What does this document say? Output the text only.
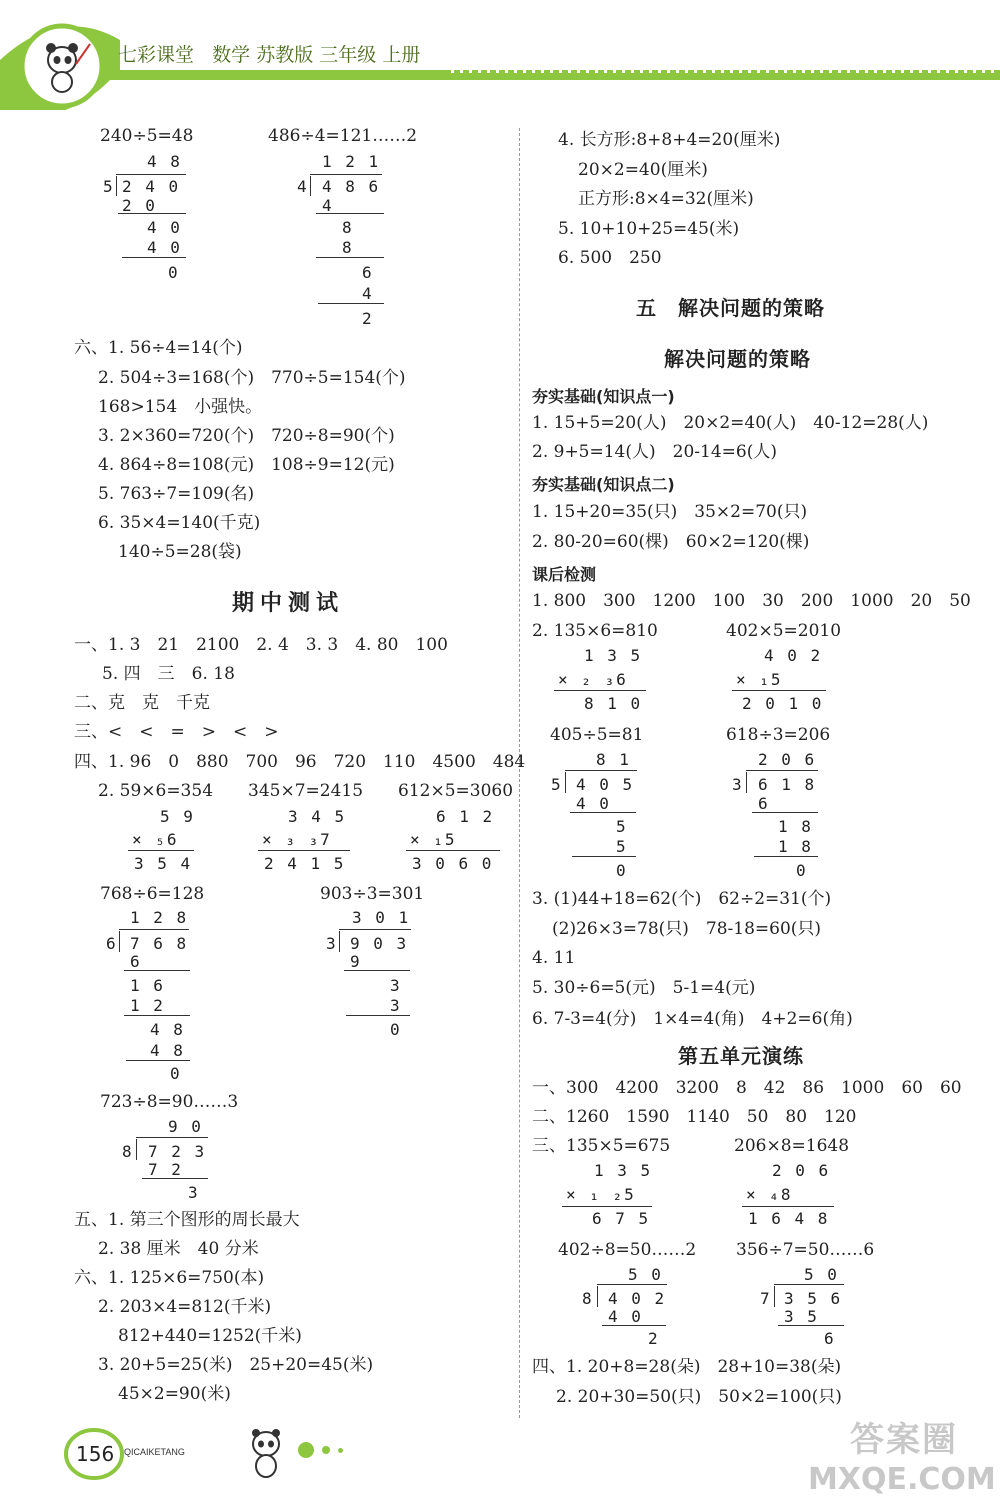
七彩课堂 数学 苏教版 三年级 上册
240÷5=48
4 8
5 2 4 0
2 0
4 0
4 0
0
486÷4=121……2
1 2 1
4 4 8 6
4
8
8
6
4
2
六、1. 56÷4=14(个)
2. 504÷3=168(个)　770÷5=154(个)
168>154　小强快。
3. 2×360=720(个)　720÷8=90(个)
4. 864÷8=108(元)　108÷9=12(元)
5. 763÷7=109(名)
6. 35×4=140(千克)
140÷5=28(袋)
期中测试
一、1. 3　21　2100　2. 4　3. 3　4. 80　100
5. 四　三　6. 18
二、克　克　千克
三、<　<　=　>　<　>
四、1. 96　0　880　700　96　720　110　4500　484
2. 59×6=354 345×7=2415 612×5=3060
5 9
× ₅6
3 5 4
3 4 5
× ₃ ₃7
2 4 1 5
6 1 2
× ₁5
3 0 6 0
768÷6=128
1 2 8
6 7 6 8
6
1 6
1 2
4 8
4 8
0
903÷3=301
3 0 1
3 9 0 3
9
3
3
0
723÷8=90……3
9 0
8 7 2 3
7 2
3
五、1. 第三个图形的周长最大
2. 38 厘米　40 分米
六、1. 125×6=750(本)
2. 203×4=812(千米)
812+440=1252(千米)
3. 20+5=25(米)　25+20=45(米)
45×2=90(米)
4. 长方形:8+8+4=20(厘米)
20×2=40(厘米)
正方形:8×4=32(厘米)
5. 10+10+25=45(米)
6. 500　250
五　解决问题的策略
解决问题的策略
夯实基础(知识点一)
1. 15+5=20(人)　20×2=40(人)　40-12=28(人)
2. 9+5=14(人)　20-14=6(人)
夯实基础(知识点二)
1. 15+20=35(只)　35×2=70(只)
2. 80-20=60(棵)　60×2=120(棵)
课后检测
1. 800　300　1200　100　30　200　1000　20　50
2. 135×6=810	402×5=2010
1 3 5
× ₂ ₃6
8 1 0
4 0 2
× ₁5
2 0 1 0
405÷5=81
8 1
5 4 0 5
4 0
5
5
0
618÷3=206
2 0 6
3 6 1 8
6
1 8
1 8
0
3. (1)44+18=62(个)　62÷2=31(个)
(2)26×3=78(只)　78-18=60(只)
4. 11
5. 30÷6=5(元)　5-1=4(元)
6. 7-3=4(分)　1×4=4(角)　4+2=6(角)
第五单元演练
一、300　4200　3200　8　42　86　1000　60　60
二、1260　1590　1140　50　80　120
三、135×5=675	206×8=1648
1 3 5
× ₁ ₂5
6 7 5
2 0 6
× ₄8
1 6 4 8
402÷8=50……2
5 0
8 4 0 2
4 0
2
356÷7=50……6
5 0
7 3 5 6
3 5
6
四、1. 20+8=28(朵)　28+10=38(朵)
2. 20+30=50(只)　50×2=100(只)
156 QICAIKETANG	答案圈
MXQE.COM
